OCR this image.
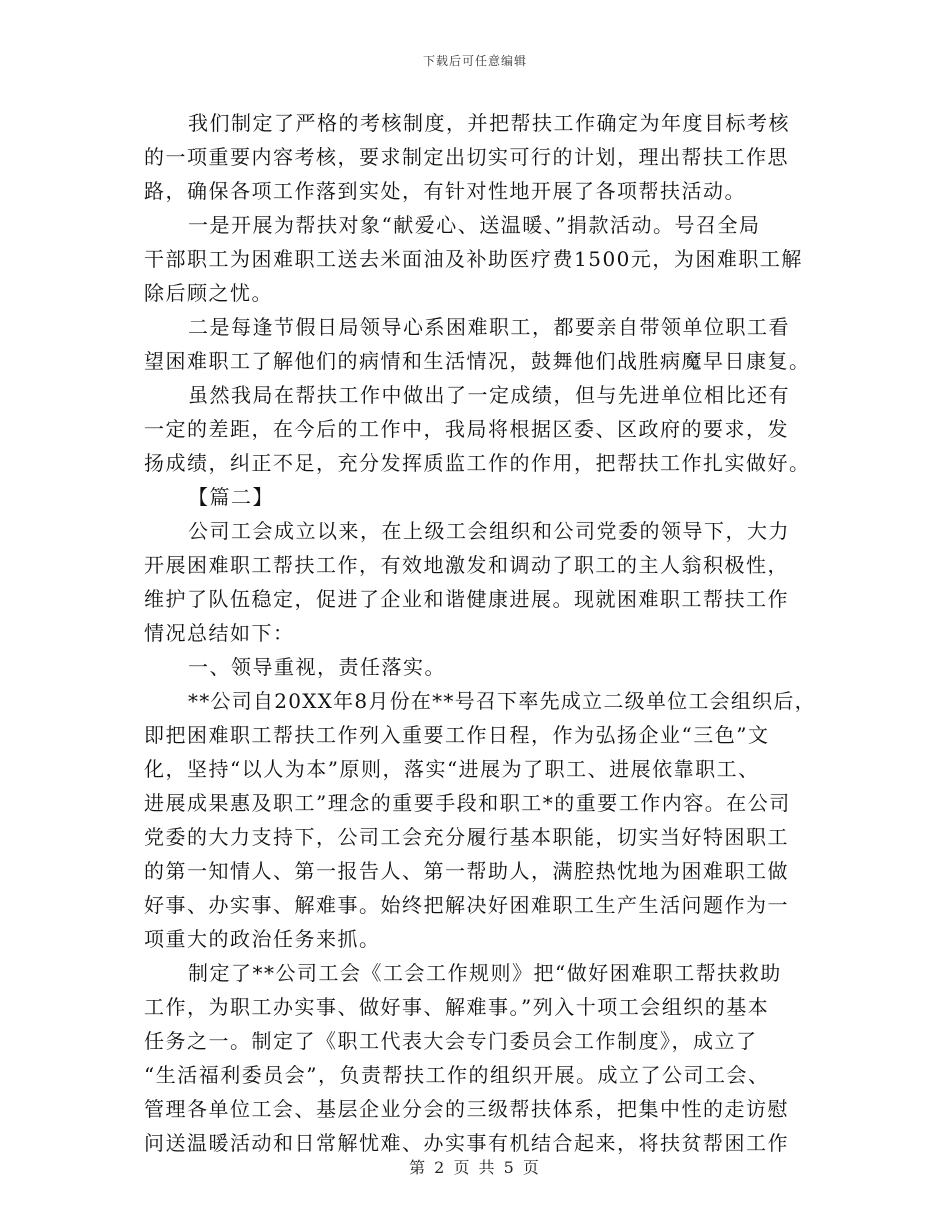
下载后可任意编辑
我们制定了严格的考核制度，并把帮扶工作确定为年度目标考核
的一项重要内容考核，要求制定出切实可行的计划，理出帮扶工作思
路，确保各项工作落到实处，有针对性地开展了各项帮扶活动。
一是开展为帮扶对象“献爱心、送温暖、”捐款活动。号召全局
干部职工为困难职工送去米面油及补助医疗费1500元，为困难职工解
除后顾之忧。
二是每逢节假日局领导心系困难职工，都要亲自带领单位职工看
望困难职工了解他们的病情和生活情况，鼓舞他们战胜病魔早日康复。
虽然我局在帮扶工作中做出了一定成绩，但与先进单位相比还有
一定的差距，在今后的工作中，我局将根据区委、区政府的要求，发
扬成绩，纠正不足，充分发挥质监工作的作用，把帮扶工作扎实做好。
【篇二】
公司工会成立以来，在上级工会组织和公司党委的领导下，大力
开展困难职工帮扶工作，有效地激发和调动了职工的主人翁积极性，
维护了队伍稳定，促进了企业和谐健康进展。现就困难职工帮扶工作
情况总结如下：
一、领导重视，责任落实。
**公司自20XX年8月份在**号召下率先成立二级单位工会组织后，
即把困难职工帮扶工作列入重要工作日程，作为弘扬企业“三色”文
化，坚持“以人为本”原则，落实“进展为了职工、进展依靠职工、
进展成果惠及职工”理念的重要手段和职工*的重要工作内容。在公司
党委的大力支持下，公司工会充分履行基本职能，切实当好特困职工
的第一知情人、第一报告人、第一帮助人，满腔热忱地为困难职工做
好事、办实事、解难事。始终把解决好困难职工生产生活问题作为一
项重大的政治任务来抓。
制定了**公司工会《工会工作规则》把“做好困难职工帮扶救助
工作，为职工办实事、做好事、解难事。”列入十项工会组织的基本
任务之一。制定了《职工代表大会专门委员会工作制度》，成立了
“生活福利委员会”，负责帮扶工作的组织开展。成立了公司工会、
管理各单位工会、基层企业分会的三级帮扶体系，把集中性的走访慰
问送温暖活动和日常解忧难、办实事有机结合起来，将扶贫帮困工作
第 2 页 共 5 页
